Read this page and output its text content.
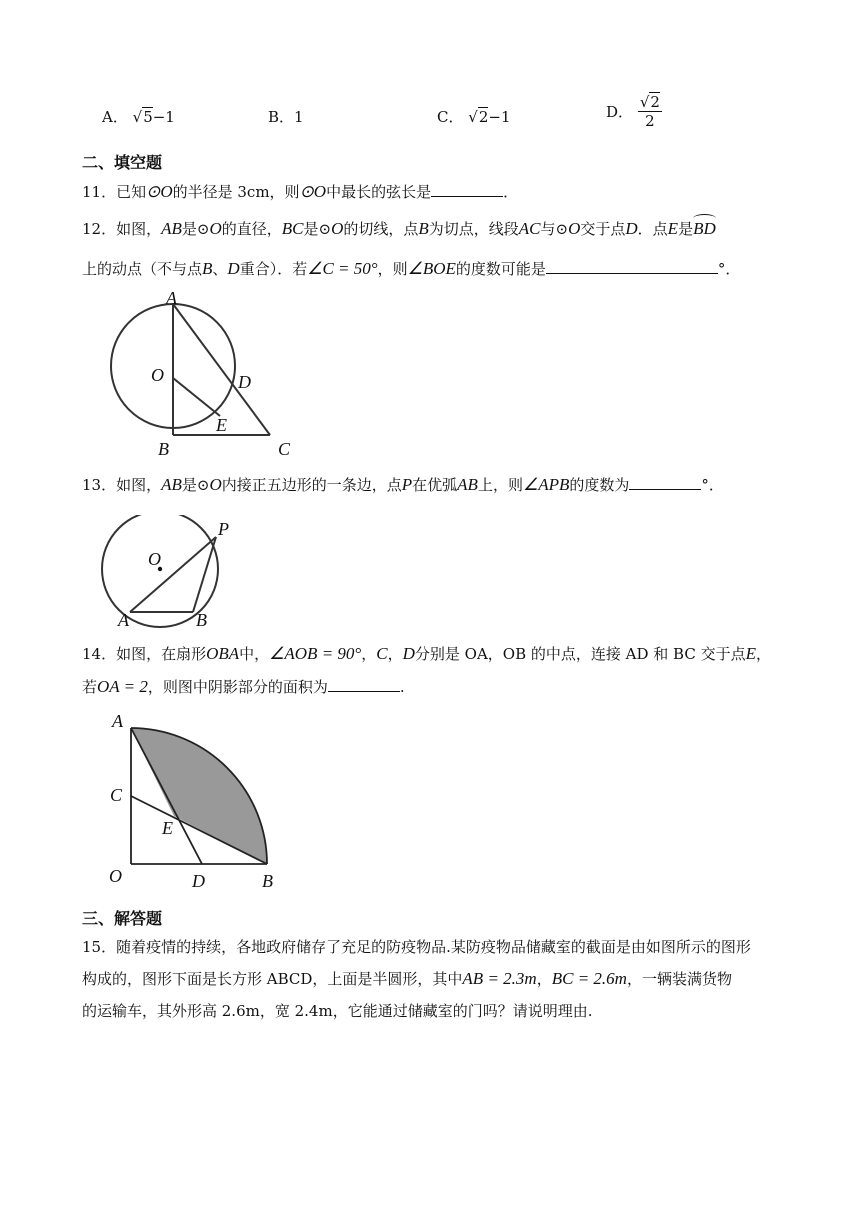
A． √5−1	B．1	C． √2−1	D． $\frac{√2}{2}$
二、填空题
11．已知⊙O的半径是 3cm，则⊙O中最长的弦长是	．
12．如图，AB是⊙O的直径，BC是⊙O的切线，点B为切点，线段AC与⊙O交于点D．点E是
BD
上的动点（不与点B、D重合）．若∠C = 50°，则∠BOE的度数可能是	°．
A
O	D
E
B	C
13．如图，AB是⊙O内接正五边形的一条边，点P在优弧AB上，则∠APB的度数为	°．
O
P
A	B
14．如图，在扇形OBA中，∠AOB = 90°，C，D分别是 OA，OB 的中点，连接 AD 和 BC 交于点E，
若OA = 2，则图中阴影部分的面积为	.
A
C
E
O	D	B
三、解答题
15．随着疫情的持续，各地政府储存了充足的防疫物品.某防疫物品储藏室的截面是由如图所示的图形
构成的，图形下面是长方形 ABCD，上面是半圆形，其中AB = 2.3m，BC = 2.6m，一辆装满货物
的运输车，其外形高 2.6m，宽 2.4m，它能通过储藏室的门吗？请说明理由.
